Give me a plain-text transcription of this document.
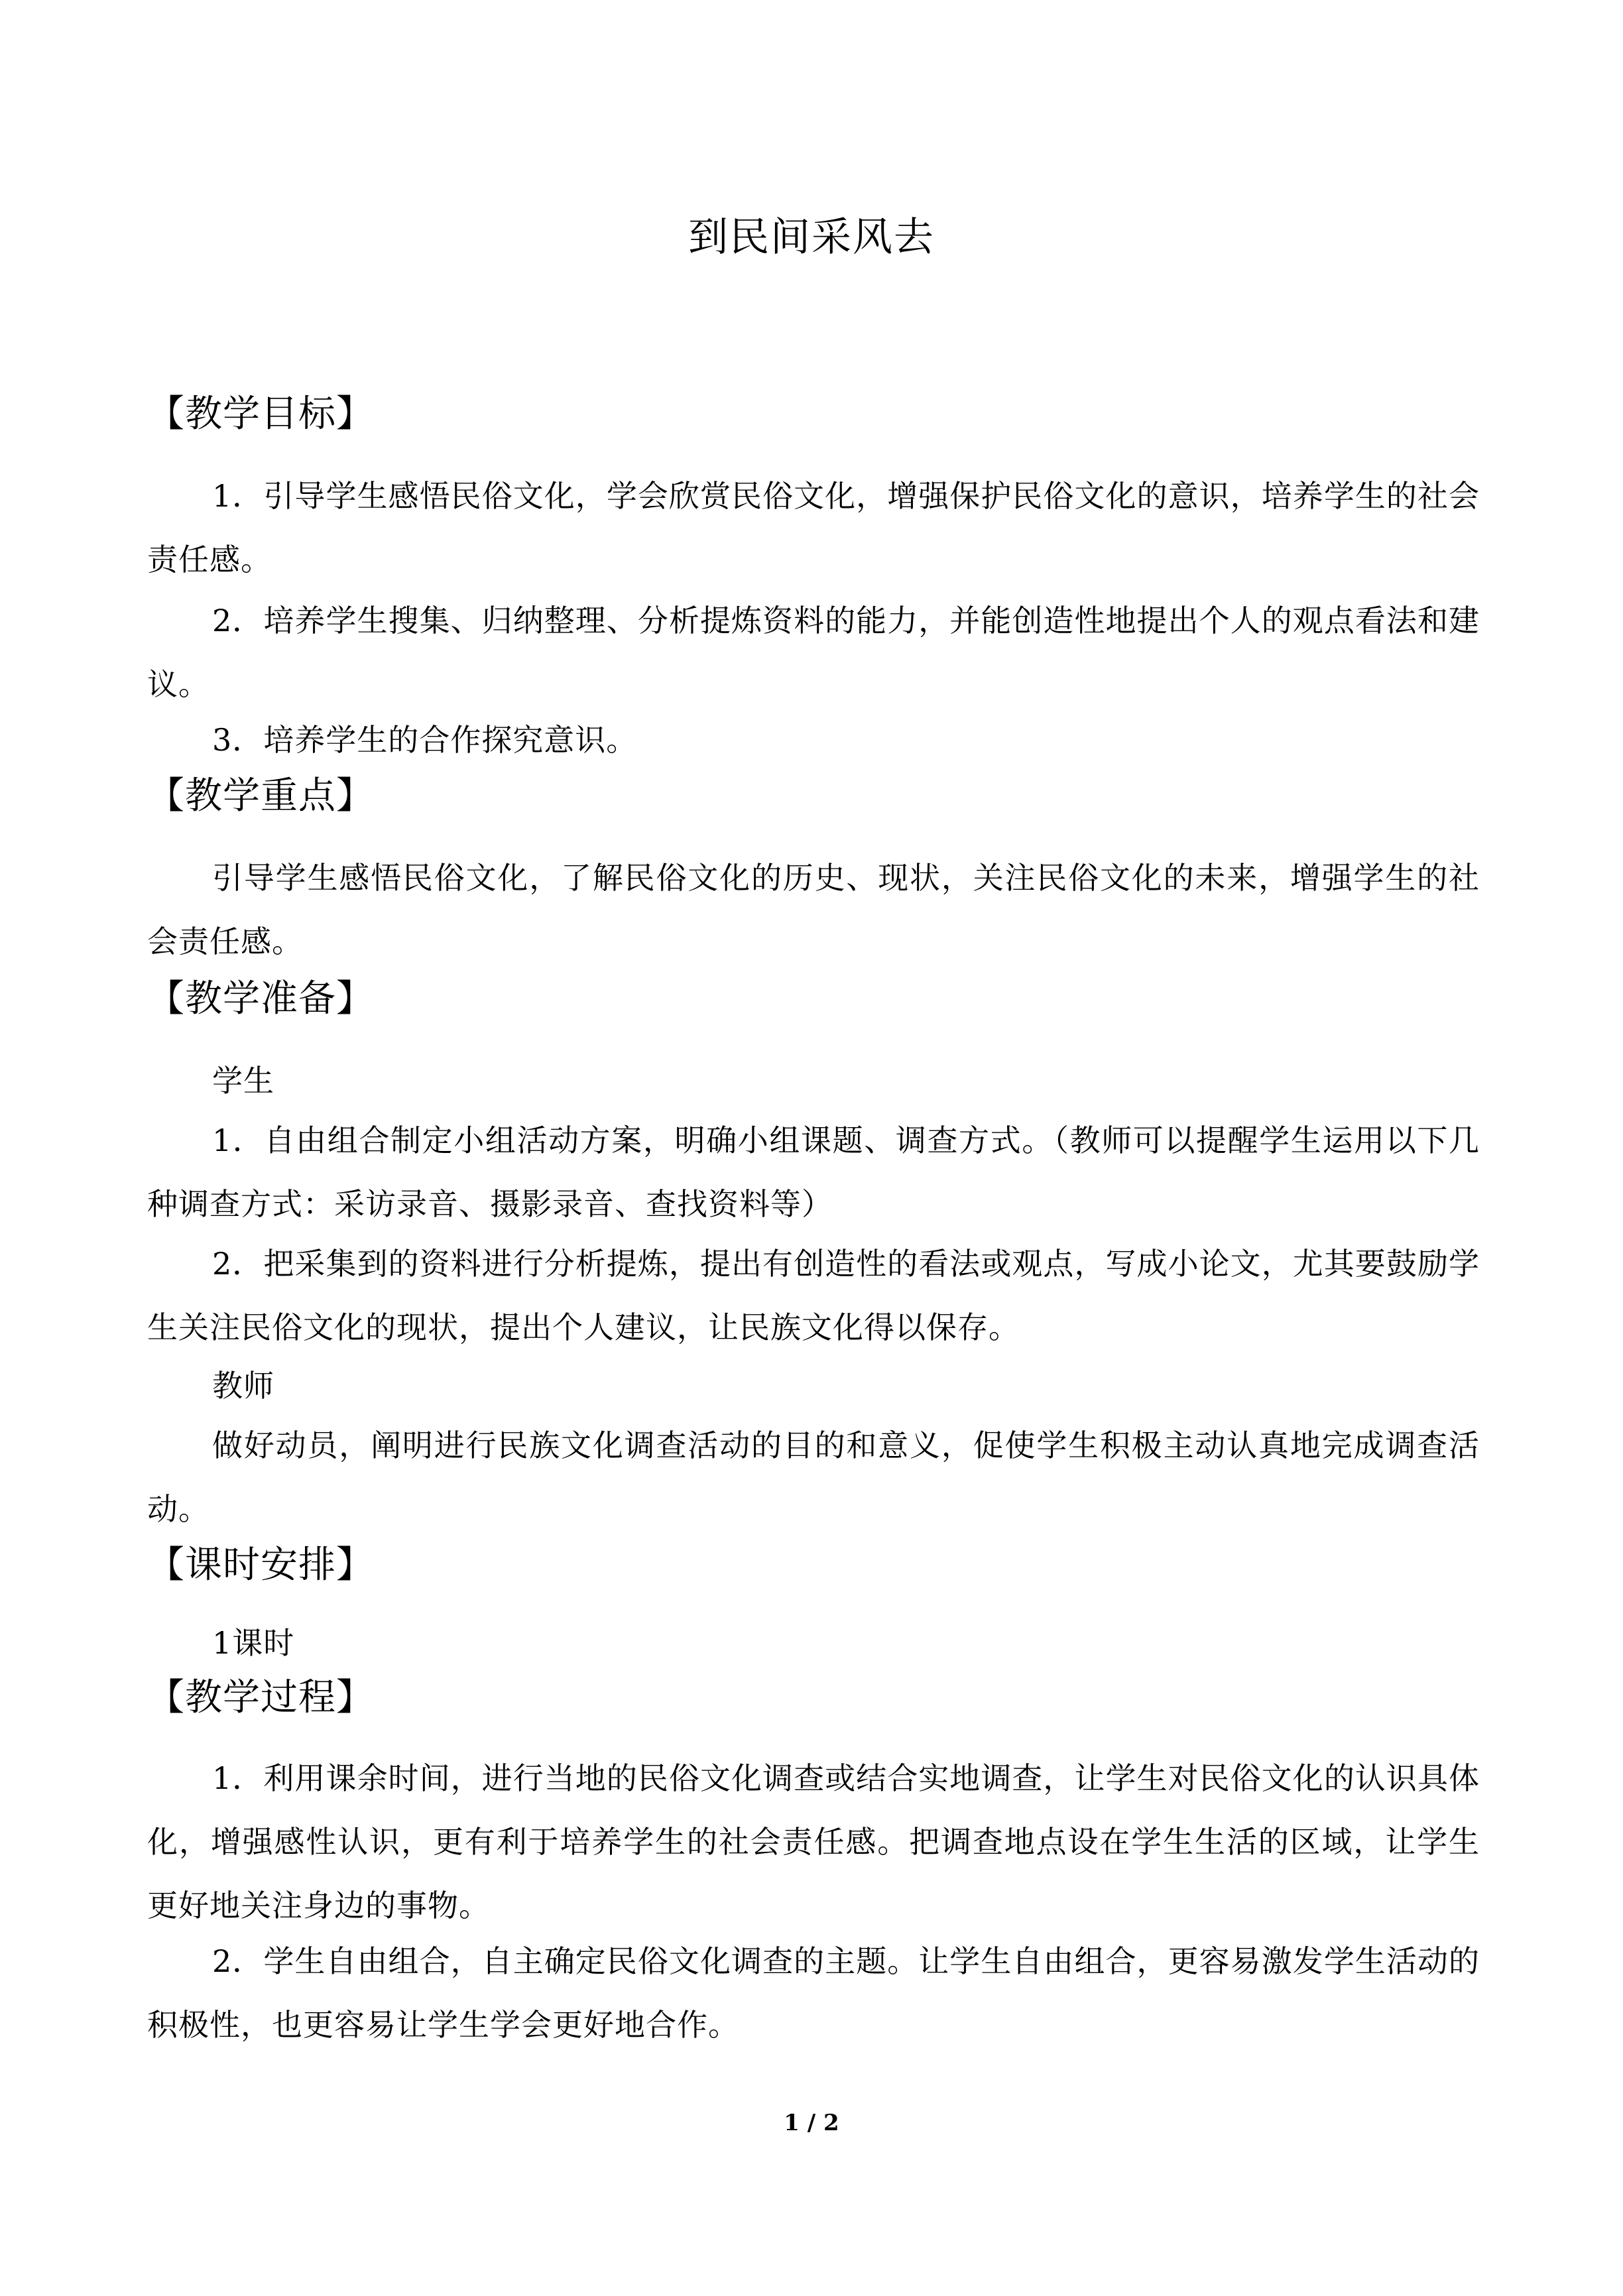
到民间采风去
【教学目标】
1．引导学生感悟民俗文化，学会欣赏民俗文化，增强保护民俗文化的意识，培养学生的社会责任感。
2．培养学生搜集、归纳整理、分析提炼资料的能力，并能创造性地提出个人的观点看法和建议。
3．培养学生的合作探究意识。
【教学重点】
引导学生感悟民俗文化，了解民俗文化的历史、现状，关注民俗文化的未来，增强学生的社会责任感。
【教学准备】
学生
1．自由组合制定小组活动方案，明确小组课题、调查方式。（教师可以提醒学生运用以下几种调查方式：采访录音、摄影录音、查找资料等）
2．把采集到的资料进行分析提炼，提出有创造性的看法或观点，写成小论文，尤其要鼓励学生关注民俗文化的现状，提出个人建议，让民族文化得以保存。
教师
做好动员，阐明进行民族文化调查活动的目的和意义，促使学生积极主动认真地完成调查活动。
【课时安排】
1课时
【教学过程】
1．利用课余时间，进行当地的民俗文化调查或结合实地调查，让学生对民俗文化的认识具体化，增强感性认识，更有利于培养学生的社会责任感。把调查地点设在学生生活的区域，让学生更好地关注身边的事物。
2．学生自由组合，自主确定民俗文化调查的主题。让学生自由组合，更容易激发学生活动的积极性，也更容易让学生学会更好地合作。
1 / 2
